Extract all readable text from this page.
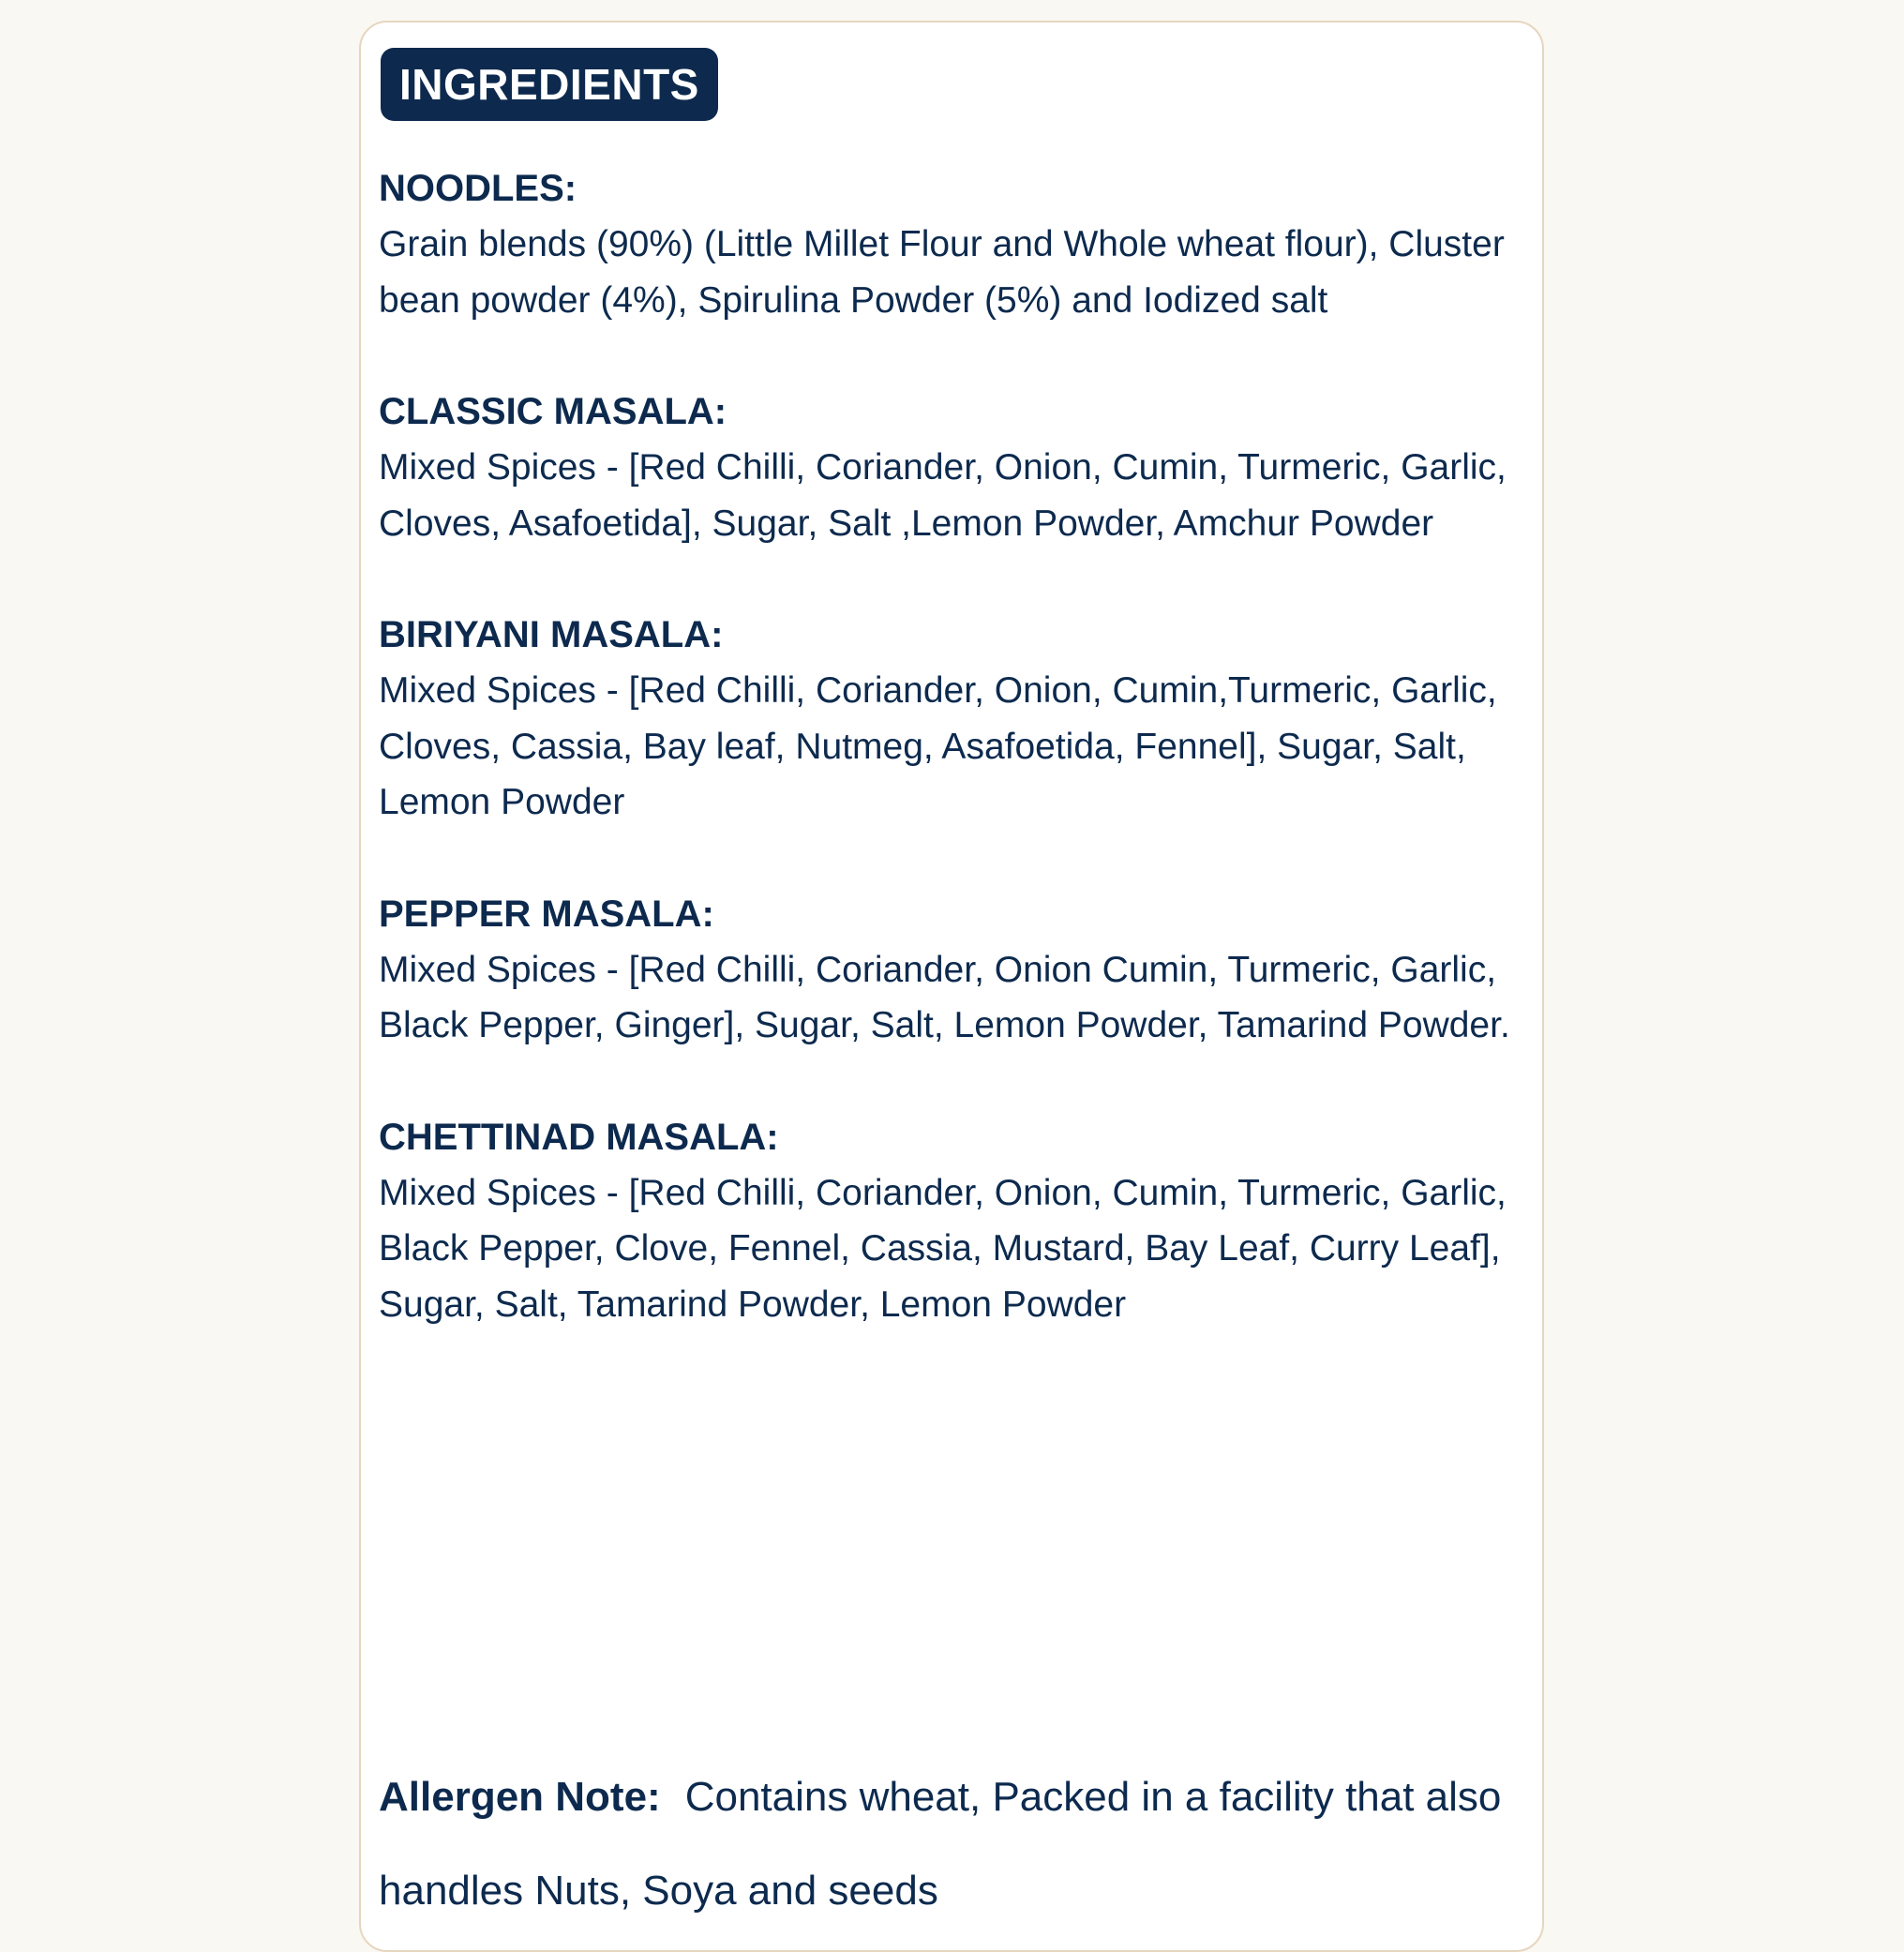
INGREDIENTS

NOODLES:

Grain blends (90%) (Little Millet Flour and Whole wheat flour), Cluster bean powder (4%), Spirulina Powder (5%) and Iodized salt

CLASSIC MASALA:

Mixed Spices - [Red Chilli, Coriander, Onion, Cumin, Turmeric, Garlic, Cloves, Asafoetida], Sugar, Salt ,Lemon Powder, Amchur Powder

BIRIYANI MASALA:

Mixed Spices - [Red Chilli, Coriander, Onion, Cumin,Turmeric, Garlic, Cloves, Cassia, Bay leaf, Nutmeg, Asafoetida, Fennel], Sugar, Salt, Lemon Powder

PEPPER MASALA:

Mixed Spices - [Red Chilli, Coriander, Onion Cumin, Turmeric, Garlic, Black Pepper, Ginger], Sugar, Salt, Lemon Powder, Tamarind Powder.

CHETTINAD MASALA:

Mixed Spices - [Red Chilli, Coriander, Onion, Cumin, Turmeric, Garlic, Black Pepper, Clove, Fennel, Cassia, Mustard, Bay Leaf, Curry Leaf], Sugar, Salt, Tamarind Powder, Lemon Powder

Allergen Note: Contains wheat, Packed in a facility that also handles Nuts, Soya and seeds
